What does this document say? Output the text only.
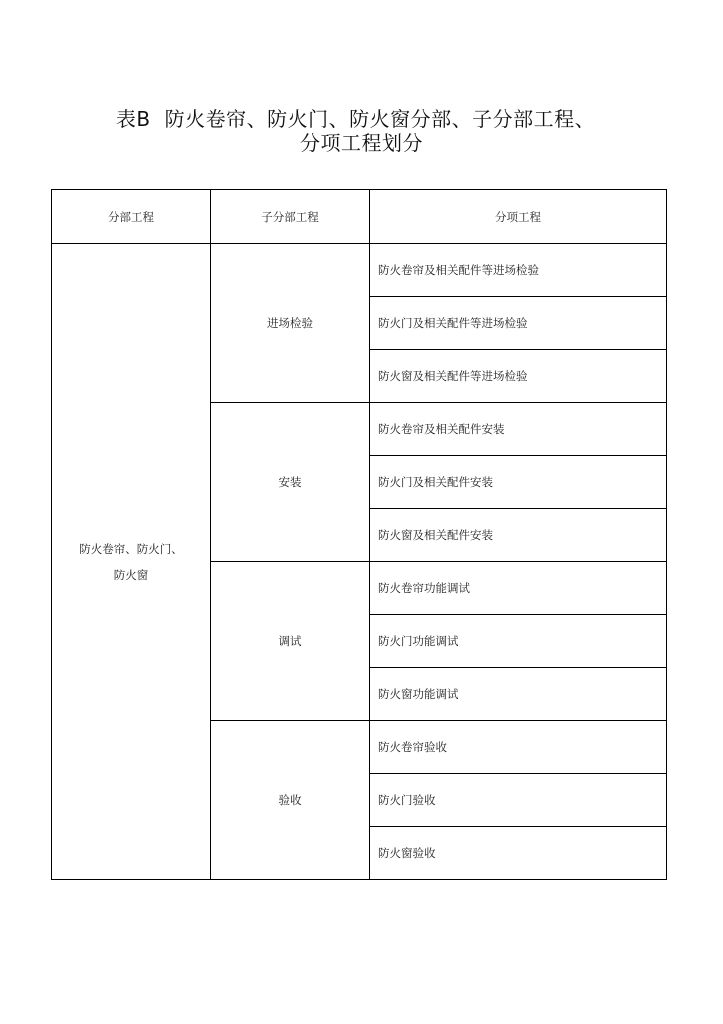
表B 防火卷帘、防火门、防火窗分部、子分部工程、
分项工程划分
分部工程	子分部工程	分项工程

防火卷帘、防火门、
防火窗	进场检验	防火卷帘及相关配件等进场检验
		防火门及相关配件等进场检验
		防火窗及相关配件等进场检验
	安装	防火卷帘及相关配件安装
		防火门及相关配件安装
		防火窗及相关配件安装
	调试	防火卷帘功能调试
		防火门功能调试
		防火窗功能调试
	验收	防火卷帘验收
		防火门验收
		防火窗验收
